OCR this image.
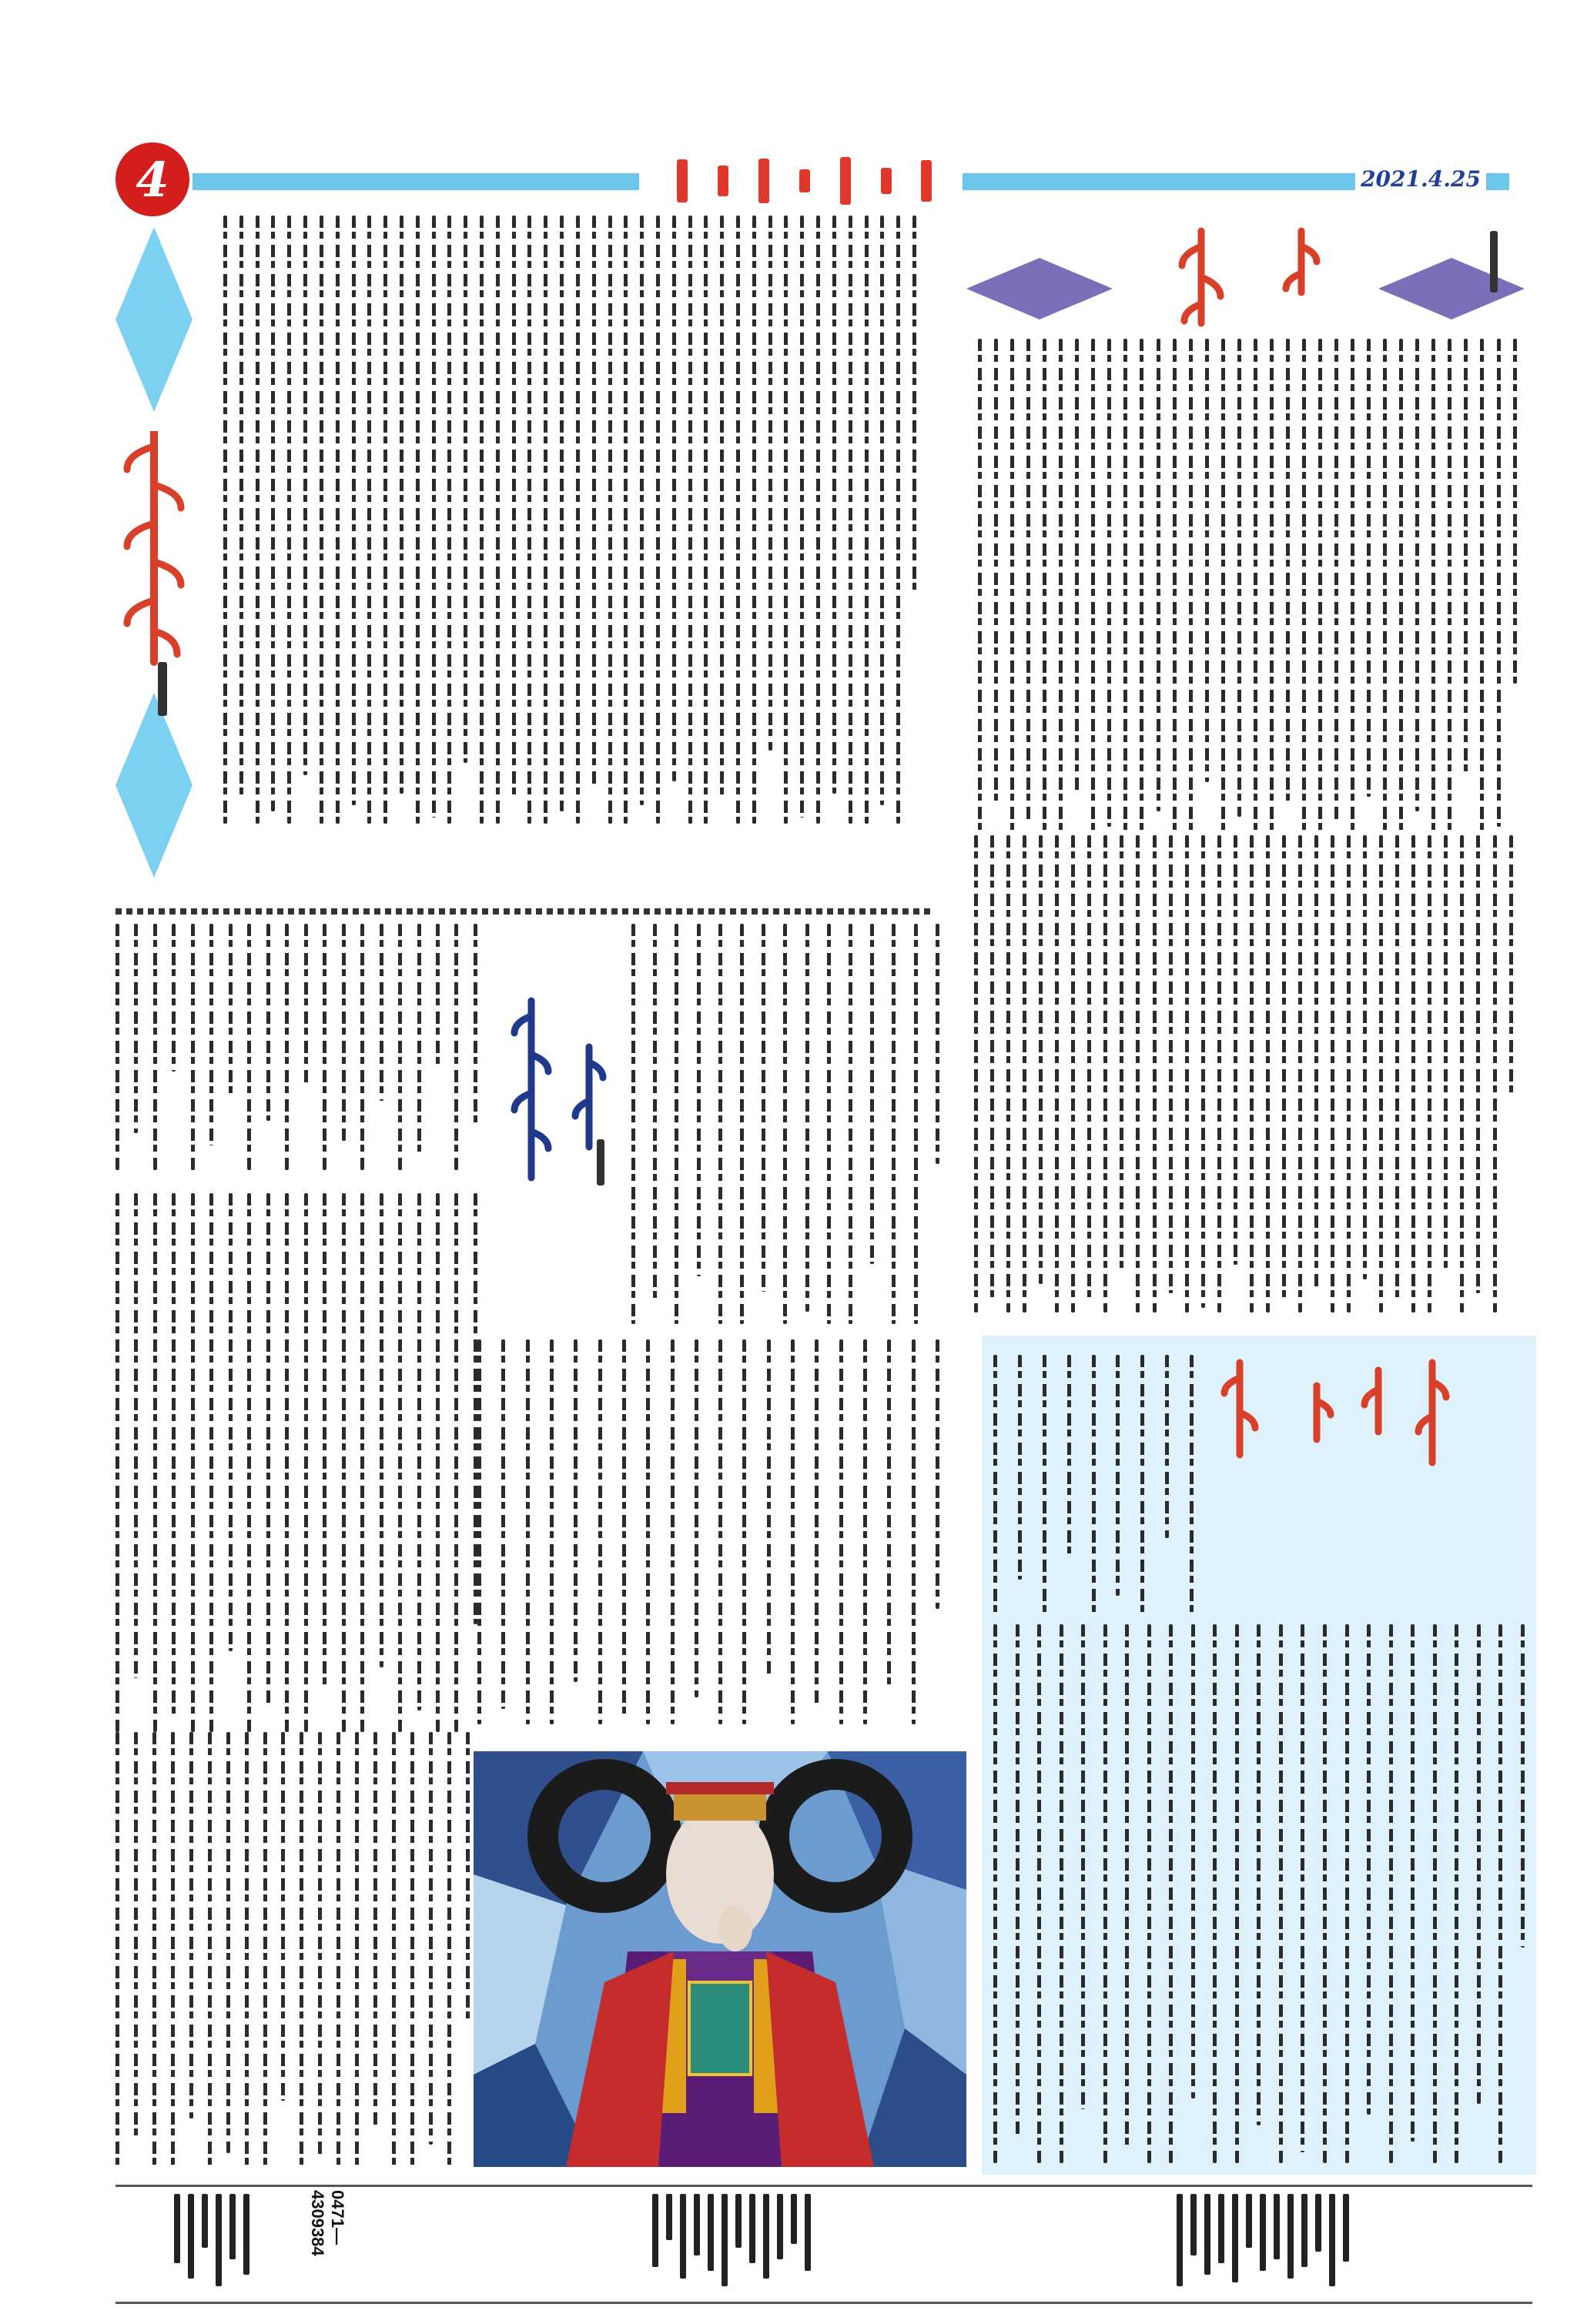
4	2021.4.25
0471— 4309384
